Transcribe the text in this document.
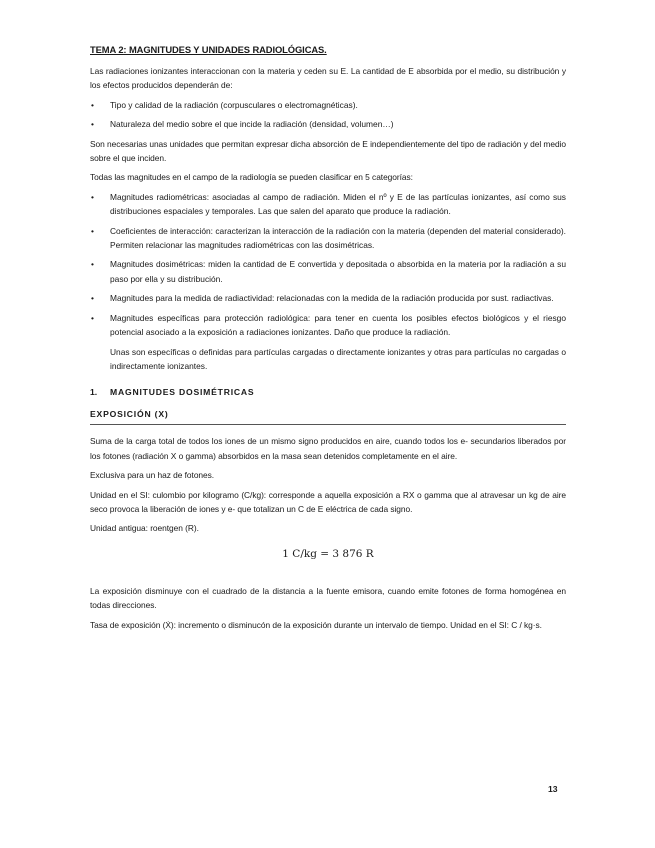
TEMA 2: MAGNITUDES Y UNIDADES RADIOLÓGICAS.

Las radiaciones ionizantes interaccionan con la materia y ceden su E. La cantidad de E absorbida por el medio, su distribución y los efectos producidos dependerán de:

• Tipo y calidad de la radiación (corpusculares o electromagnéticas).
• Naturaleza del medio sobre el que incide la radiación (densidad, volumen…)

Son necesarias unas unidades que permitan expresar dicha absorción de E independientemente del tipo de radiación y del medio sobre el que inciden.

Todas las magnitudes en el campo de la radiología se pueden clasificar en 5 categorías:

• Magnitudes radiométricas: asociadas al campo de radiación. Miden el nº y E de las partículas ionizantes, así como sus distribuciones espaciales y temporales. Las que salen del aparato que produce la radiación.
• Coeficientes de interacción: caracterizan la interacción de la radiación con la materia (dependen del material considerado). Permiten relacionar las magnitudes radiométricas con las dosimétricas.
• Magnitudes dosimétricas: miden la cantidad de E convertida y depositada o absorbida en la materia por la radiación a su paso por ella y su distribución.
• Magnitudes para la medida de radiactividad: relacionadas con la medida de la radiación producida por sust. radiactivas.
• Magnitudes específicas para protección radiológica: para tener en cuenta los posibles efectos biológicos y el riesgo potencial asociado a la exposición a radiaciones ionizantes. Daño que produce la radiación.

Unas son específicas o definidas para partículas cargadas o directamente ionizantes y otras para partículas no cargadas o indirectamente ionizantes.

1. MAGNITUDES DOSIMÉTRICAS
EXPOSICIÓN (X)

Suma de la carga total de todos los iones de un mismo signo producidos en aire, cuando todos los e- secundarios liberados por los fotones (radiación X o gamma) absorbidos en la masa sean detenidos completamente en el aire.

Exclusiva para un haz de fotones.

Unidad en el SI: culombio por kilogramo (C/kg): corresponde a aquella exposición a RX o gamma que al atravesar un kg de aire seco provoca la liberación de iones y e- que totalizan un C de E eléctrica de cada signo.

Unidad antigua: roentgen (R).

1 C/kg = 3 876 R

La exposición disminuye con el cuadrado de la distancia a la fuente emisora, cuando emite fotones de forma homogénea en todas direcciones.

Tasa de exposición (Ẋ): incremento o disminucón de la exposición durante un intervalo de tiempo. Unidad en el SI: C / kg·s.

13
